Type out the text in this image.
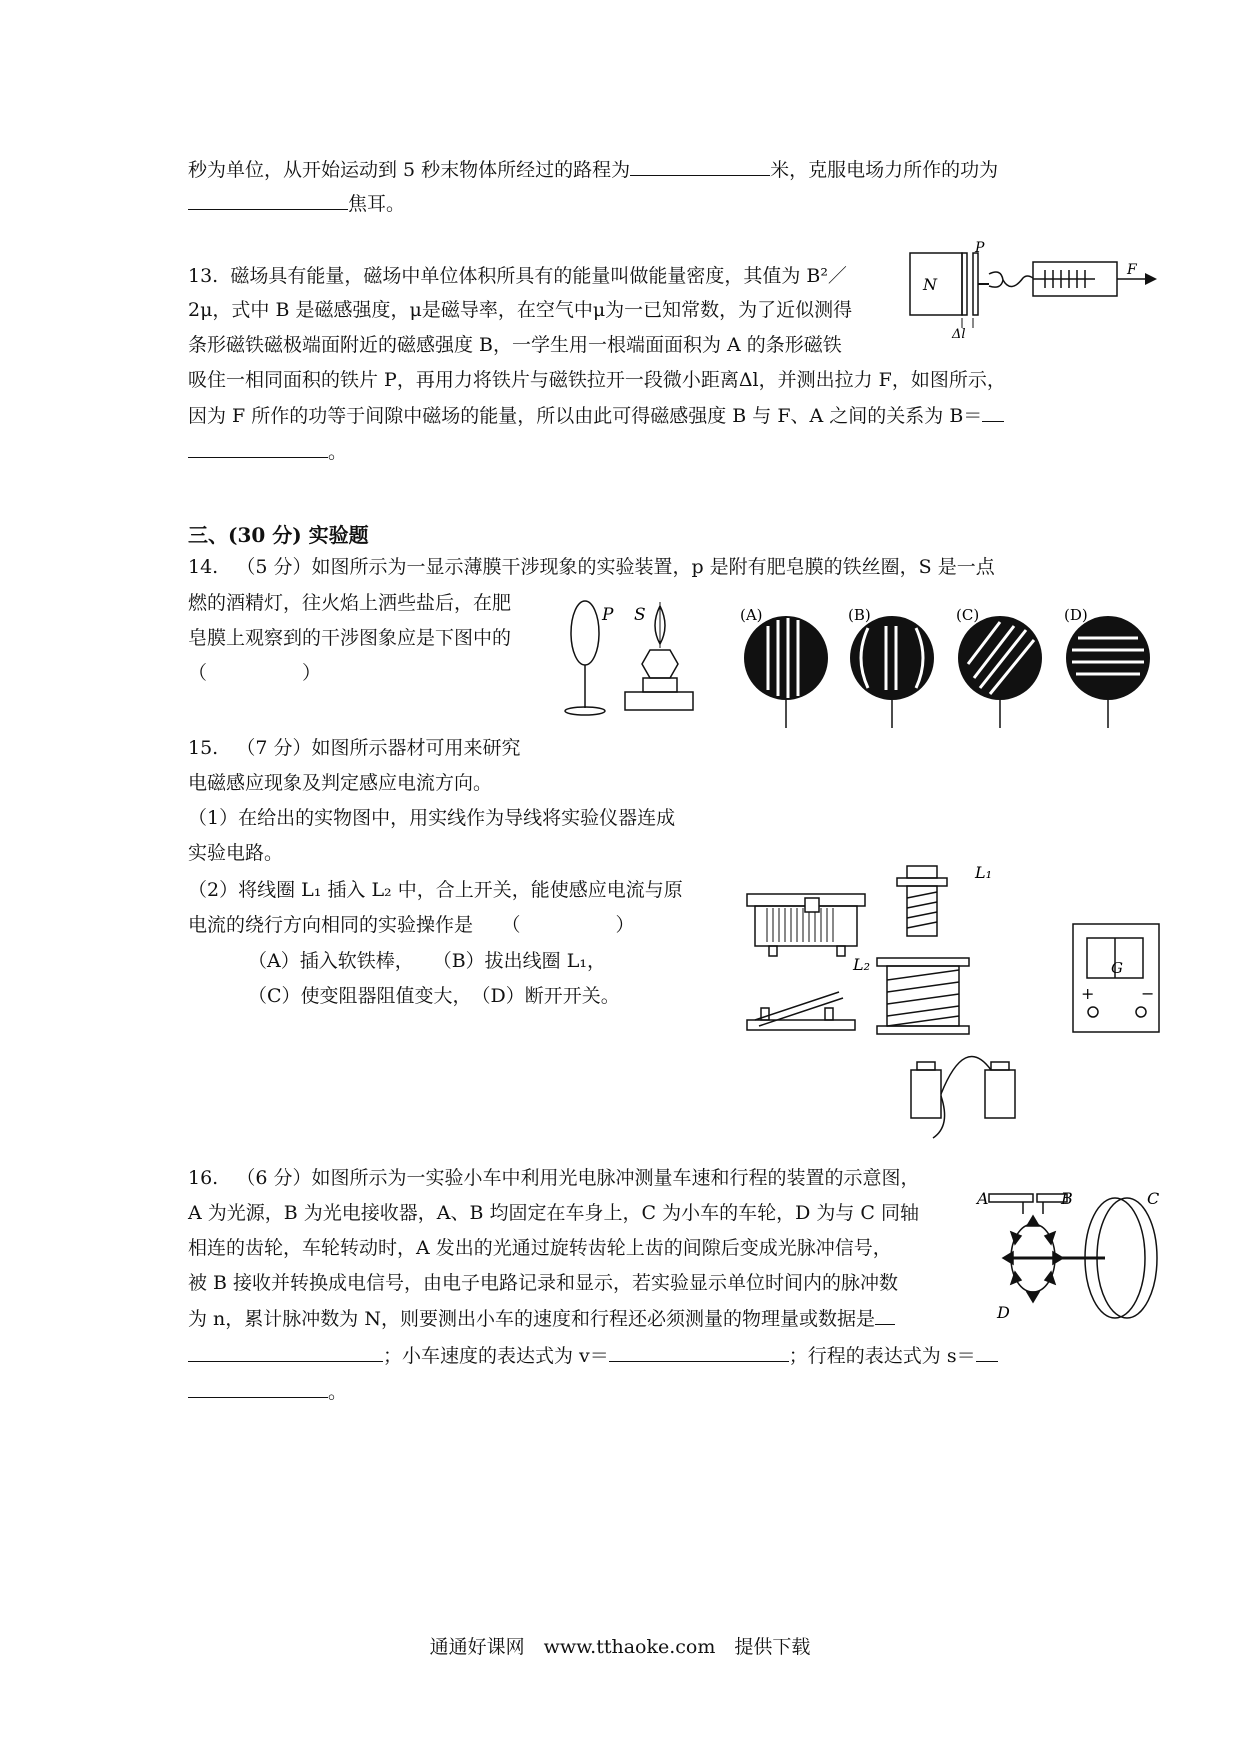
秒为单位，从开始运动到 5 秒末物体所经过的路程为	米，克服电场力所作的功为
焦耳。
13. 磁场具有能量，磁场中单位体积所具有的能量叫做能量密度，其值为 B²／
2μ，式中 B 是磁感强度，μ是磁导率，在空气中μ为一已知常数，为了近似测得
条形磁铁磁极端面附近的磁感强度 B，一学生用一根端面面积为 A 的条形磁铁
吸住一相同面积的铁片 P，再用力将铁片与磁铁拉开一段微小距离Δl，并测出拉力 F，如图所示，
因为 F 所作的功等于间隙中磁场的能量，所以由此可得磁感强度 B 与 F、A 之间的关系为 B＝
。
N
F
P
Δl
三、(30 分) 实验题
14. （5 分）如图所示为一显示薄膜干涉现象的实验装置，p 是附有肥皂膜的铁丝圈，S 是一点
燃的酒精灯，往火焰上洒些盐后，在肥
皂膜上观察到的干涉图象应是下图中的
（　　　　　）
P S	(A)	(B)	(C)	(D)
15. （7 分）如图所示器材可用来研究
电磁感应现象及判定感应电流方向。
（1）在给出的实物图中，用实线作为导线将实验仪器连成
实验电路。
（2）将线圈 L₁ 插入 L₂ 中，合上开关，能使感应电流与原
电流的绕行方向相同的实验操作是　　（　　　　　）
（A）插入软铁棒，　　（B）拔出线圈 L₁，
（C）使变阻器阻值变大，　（D）断开开关。
L₁
L₂	G
+	−
16. （6 分）如图所示为一实验小车中利用光电脉冲测量车速和行程的装置的示意图，
A 为光源，B 为光电接收器，A、B 均固定在车身上，C 为小车的车轮，D 为与 C 同轴
相连的齿轮，车轮转动时，A 发出的光通过旋转齿轮上齿的间隙后变成光脉冲信号，
被 B 接收并转换成电信号，由电子电路记录和显示，若实验显示单位时间内的脉冲数
为 n，累计脉冲数为 N，则要测出小车的速度和行程还必须测量的物理量或数据是
；小车速度的表达式为 v＝	；行程的表达式为 s＝
。
A	B	C
D
通通好课网　www.tthaoke.com　提供下载
